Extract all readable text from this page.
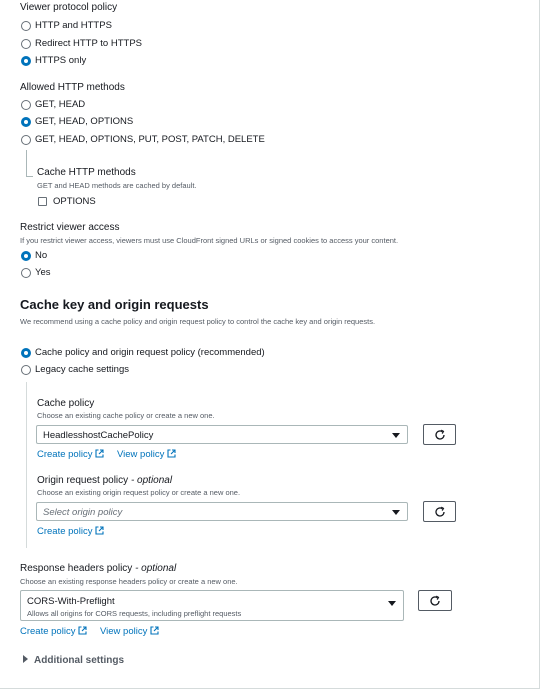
Viewer protocol policy
HTTP and HTTPS
Redirect HTTP to HTTPS
HTTPS only
Allowed HTTP methods
GET, HEAD
GET, HEAD, OPTIONS
GET, HEAD, OPTIONS, PUT, POST, PATCH, DELETE
Cache HTTP methods
GET and HEAD methods are cached by default.
OPTIONS
Restrict viewer access
If you restrict viewer access, viewers must use CloudFront signed URLs or signed cookies to access your content.
No
Yes
Cache key and origin requests
We recommend using a cache policy and origin request policy to control the cache key and origin requests.
Cache policy and origin request policy (recommended)
Legacy cache settings
Cache policy
Choose an existing cache policy or create a new one.
HeadlesshostCachePolicy
Create policy	View policy
Origin request policy - optional
Choose an existing origin request policy or create a new one.
Select origin policy
Create policy
Response headers policy - optional
Choose an existing response headers policy or create a new one.
CORS-With-Preflight
Allows all origins for CORS requests, including preflight requests
Create policy	View policy
Additional settings
